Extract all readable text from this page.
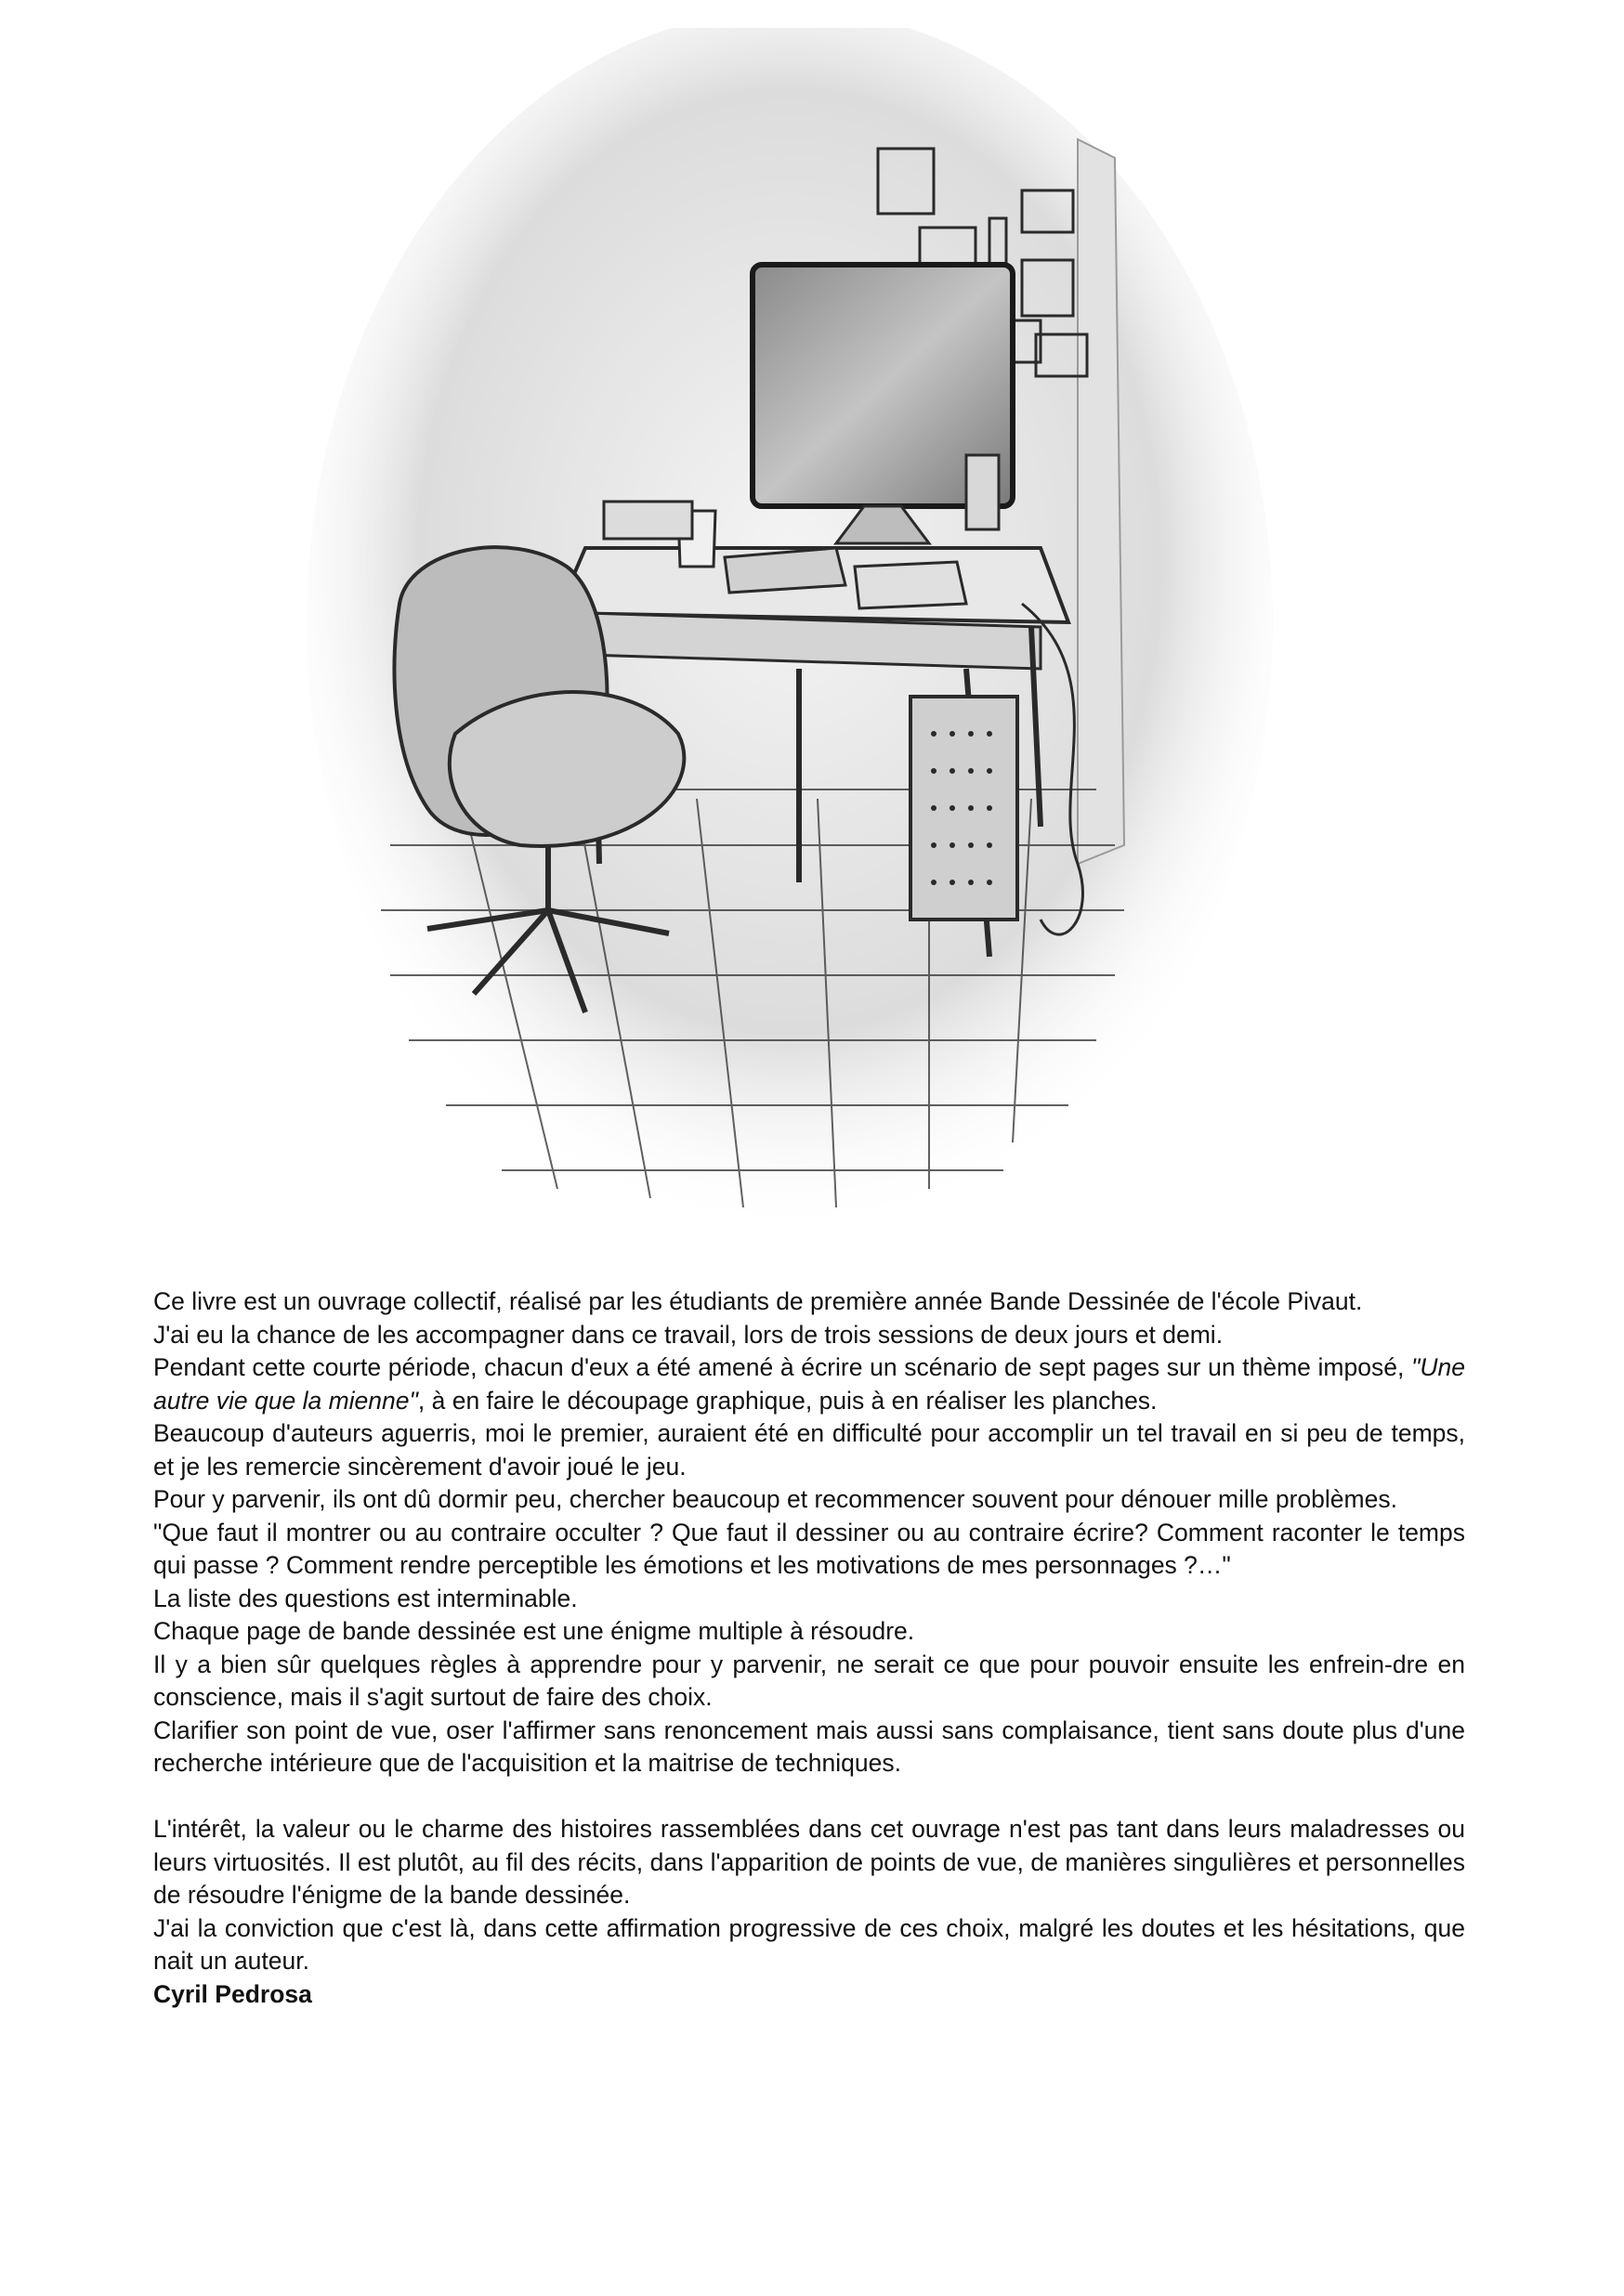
Ce livre est un ouvrage collectif, réalisé par les étudiants de première année Bande Dessinée de l'école Pivaut.

J'ai eu la chance de les accompagner dans ce travail, lors de trois sessions de deux jours et demi.

Pendant cette courte période, chacun d'eux a été amené à écrire un scénario de sept pages sur un thème imposé, "Une autre vie que la mienne", à en faire le découpage graphique, puis à en réaliser les planches.

Beaucoup d'auteurs aguerris, moi le premier, auraient été en difficulté pour accomplir un tel travail en si peu de temps, et je les remercie sincèrement d'avoir joué le jeu.

Pour y parvenir, ils ont dû dormir peu, chercher beaucoup et recommencer souvent pour dénouer mille problèmes.

"Que faut il montrer ou au contraire occulter ? Que faut il dessiner ou au contraire écrire? Comment raconter le temps qui passe ? Comment rendre perceptible les émotions et les motivations de mes personnages ?…"

La liste des questions est interminable.

Chaque page de bande dessinée est une énigme multiple à résoudre.

Il y a bien sûr quelques règles à apprendre pour y parvenir, ne serait ce que pour pouvoir ensuite les enfrein-dre en conscience, mais il s'agit surtout de faire des choix.

Clarifier son point de vue, oser l'affirmer sans renoncement mais aussi sans complaisance, tient sans doute plus d'une recherche intérieure que de l'acquisition et la maitrise de techniques.

L'intérêt, la valeur ou le charme des histoires rassemblées dans cet ouvrage n'est pas tant dans leurs maladresses ou leurs virtuosités. Il est plutôt, au fil des récits, dans l'apparition de points de vue, de manières singulières et personnelles de résoudre l'énigme de la bande dessinée.

J'ai la conviction que c'est là, dans cette affirmation progressive de ces choix, malgré les doutes et les hésitations, que nait un auteur.

Cyril Pedrosa
